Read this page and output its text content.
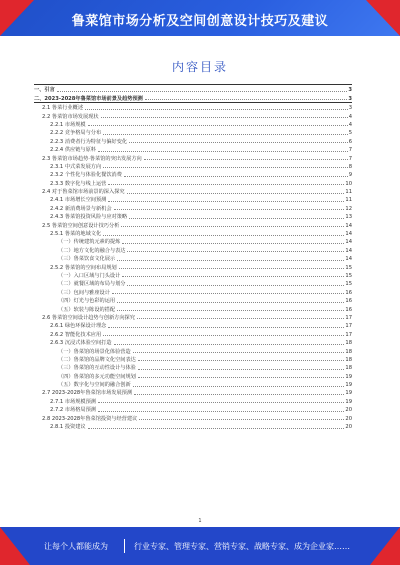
鲁菜馆市场分析及空间创意设计技巧及建议
内容目录
一、引言	3
二、2023-2028年鲁菜馆市场前景及趋势预测	3
2.1 鲁菜行业概述	3
2.2 鲁菜馆市场发展现状	4
2.2.1 市场规模	4
2.2.2 竞争格局与分布	5
2.2.3 消费者行为特征与偏好变化	6
2.2.4 供应链与原料	7
2.3 鲁菜馆市场趋势·鲁菜馆的突出发展方向	7
2.3.1 中式菜发展方向	8
2.3.2 个性化与体验化餐饮消费	9
2.3.3 数字化与线上运营	10
2.4 对于鲁菜馆市场前景的深入探究	11
2.4.1 市场增长空间预测	11
2.4.2 新消费场景与新机会	12
2.4.3 鲁菜馆投资风险与应对策略	13
2.5 鲁菜馆空间创意设计技巧分析	14
2.5.1 鲁菜的地域文化	14
（一）传统建筑元素的提炼	14
（二）地方文化的融合与表达	14
（三）鲁菜饮食文化展示	14
2.5.2 鲁菜馆的空间布局规划	15
（一）入口区域与门头设计	15
（二）就餐区域的布局与划分	15
（三）包间与雅座设计	16
（四）灯光与色彩的运用	16
（五）软装与陈设的搭配	16
2.6 鲁菜馆空间设计趋势与创新方向探究	17
2.6.1 绿色环保设计理念	17
2.6.2 智能化技术应用	17
2.6.3 沉浸式体验空间打造	18
（一）鲁菜馆的场景化体验营造	18
（二）鲁菜馆的品牌文化空间表达	18
（三）鲁菜馆的互动性设计与体验	18
（四）鲁菜馆的多元功能空间规划	19
（五）数字化与空间的融合创新	19
2.7 2023-2028年鲁菜馆市场发展预测	19
2.7.1 市场规模预测	19
2.7.2 市场格局预测	20
2.8 2023-2028年鲁菜馆投资与经营建议	20
2.8.1 投资建议	20
1
让每个人都能成为	行业专家、管理专家、营销专家、战略专家、成为企业家……
